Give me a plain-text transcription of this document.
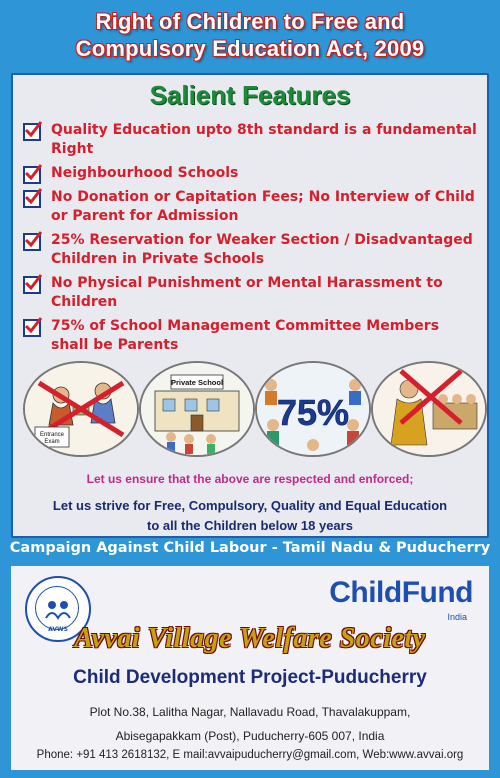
Right of Children to Free and
Compulsory Education Act, 2009
Salient Features
Quality Education upto 8th standard is a fundamental Right
Neighbourhood Schools
No Donation or Capitation Fees; No Interview of Child
or Parent for Admission
25% Reservation for Weaker Section / Disadvantaged
Children in Private Schools
No Physical Punishment or Mental Harassment to Children
75% of School Management Committee Members
shall be Parents
Entrance
Exam
Private School
75%
Let us ensure that the above are respected and enforced;
Let us strive for Free, Compulsory, Quality and Equal Education
to all the Children below 18 years
Campaign Against Child Labour - Tamil Nadu & Puducherry
AVWS
ChildFund
India
Avvai Village Welfare Society
Child Development Project-Puducherry
Plot No.38, Lalitha Nagar, Nallavadu Road, Thavalakuppam,
Abisegapakkam (Post), Puducherry-605 007, India
Phone: +91 413 2618132, E mail:avvaipuducherry@gmail.com, Web:www.avvai.org
